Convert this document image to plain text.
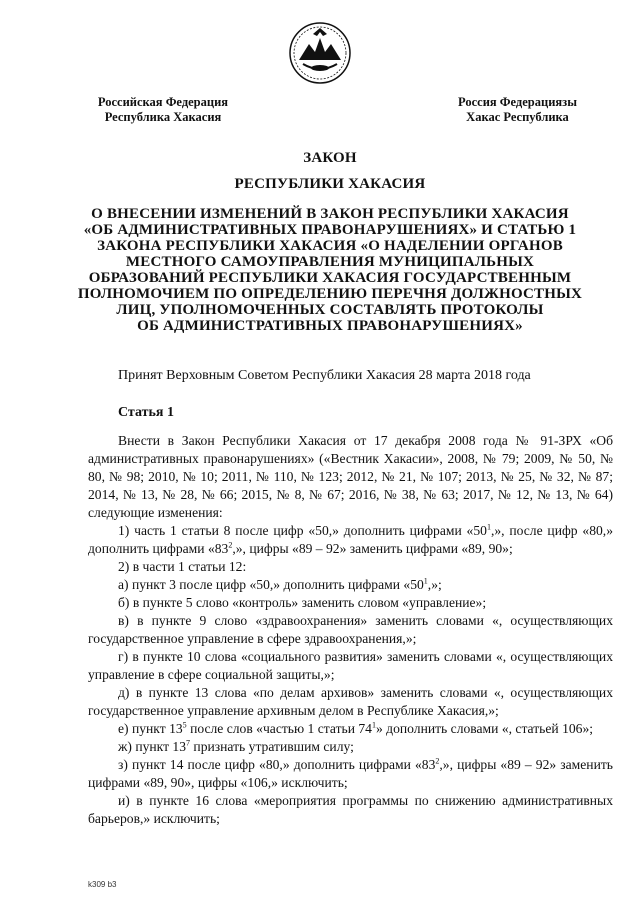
1917
Российская Федерация
Республика Хакасия
Россия Федерациязы
Хакас Республика
ЗАКОН
РЕСПУБЛИКИ ХАКАСИЯ
О ВНЕСЕНИИ ИЗМЕНЕНИЙ В ЗАКОН РЕСПУБЛИКИ ХАКАСИЯ
«ОБ АДМИНИСТРАТИВНЫХ ПРАВОНАРУШЕНИЯХ» И СТАТЬЮ 1
ЗАКОНА РЕСПУБЛИКИ ХАКАСИЯ «О НАДЕЛЕНИИ ОРГАНОВ
МЕСТНОГО САМОУПРАВЛЕНИЯ МУНИЦИПАЛЬНЫХ
ОБРАЗОВАНИЙ РЕСПУБЛИКИ ХАКАСИЯ ГОСУДАРСТВЕННЫМ
ПОЛНОМОЧИЕМ ПО ОПРЕДЕЛЕНИЮ ПЕРЕЧНЯ ДОЛЖНОСТНЫХ
ЛИЦ, УПОЛНОМОЧЕННЫХ СОСТАВЛЯТЬ ПРОТОКОЛЫ
ОБ АДМИНИСТРАТИВНЫХ ПРАВОНАРУШЕНИЯХ»
Принят Верховным Советом Республики Хакасия 28 марта 2018 года
Статья 1

Внести в Закон Республики Хакасия от 17 декабря 2008 года № 91-ЗРХ «Об административных правонарушениях» («Вестник Хакасии», 2008, № 79; 2009, № 50, № 80, № 98; 2010, № 10; 2011, № 110, № 123; 2012, № 21, № 107; 2013, № 25, № 32, № 87; 2014, № 13, № 28, № 66; 2015, № 8, № 67; 2016, № 38, № 63; 2017, № 12, № 13, № 64) следующие изменения:

1) часть 1 статьи 8 после цифр «50,» дополнить цифрами «$50^1$,», после цифр «80,» дополнить цифрами «$83^2$,», цифры «89 – 92» заменить цифрами «89, 90»;

2) в части 1 статьи 12:

а) пункт 3 после цифр «50,» дополнить цифрами «$50^1$,»;

б) в пункте 5 слово «контроль» заменить словом «управление»;

в) в пункте 9 слово «здравоохранения» заменить словами «, осуществляющих государственное управление в сфере здравоохранения,»;

г) в пункте 10 слова «социального развития» заменить словами «, осуществляющих управление в сфере социальной защиты,»;

д) в пункте 13 слова «по делам архивов» заменить словами «, осуществляющих государственное управление архивным делом в Республике Хакасия,»;

е) пункт $13^5$ после слов «частью 1 статьи $74^1$» дополнить словами «, статьей 106»;

ж) пункт $13^7$ признать утратившим силу;

з) пункт 14 после цифр «80,» дополнить цифрами «$83^2$,», цифры «89 – 92» заменить цифрами «89, 90», цифры «106,» исключить;

и) в пункте 16 слова «мероприятия программы по снижению административных барьеров,» исключить;

k309 b3
